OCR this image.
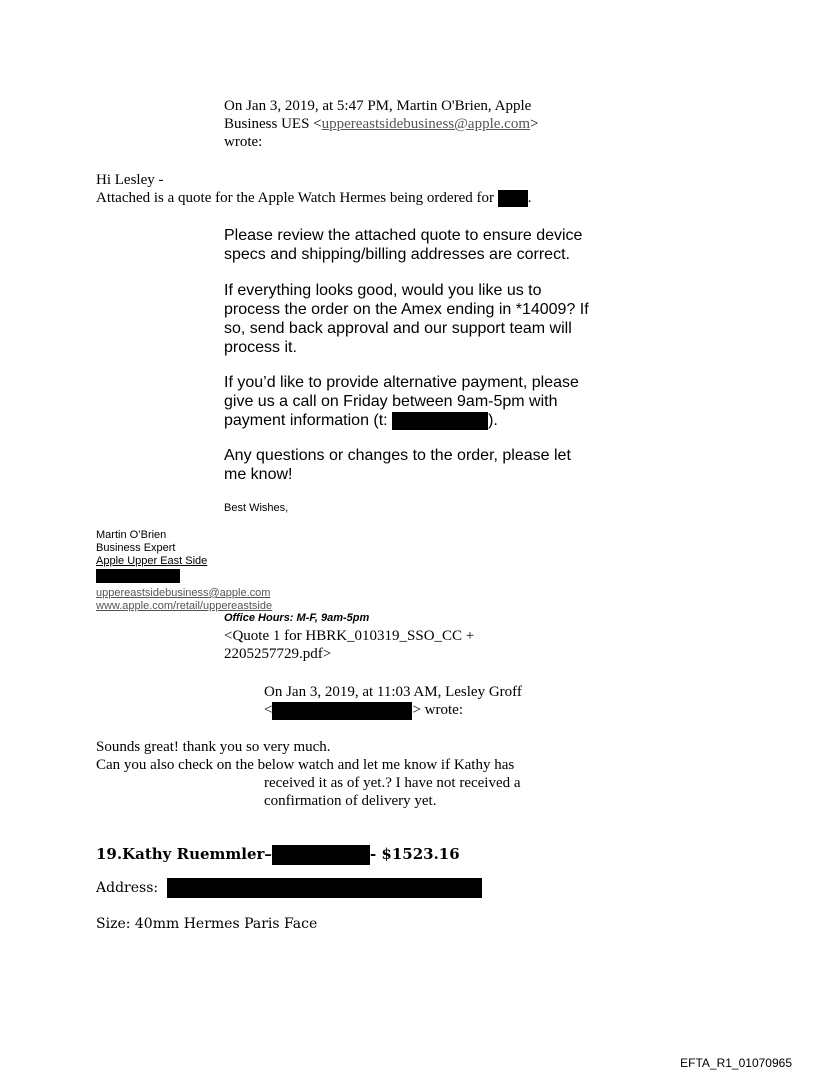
On Jan 3, 2019, at 5:47 PM, Martin O'Brien, Apple

Business UES <uppereastsidebusiness@apple.com>

wrote:

Hi Lesley -

Attached is a quote for the Apple Watch Hermes being ordered for .

Please review the attached quote to ensure device

specs and shipping/billing addresses are correct.

If everything looks good, would you like us to

process the order on the Amex ending in *14009? If

so, send back approval and our support team will

process it.

If you’d like to provide alternative payment, please

give us a call on Friday between 9am-5pm with

payment information (t:	).

Any questions or changes to the order, please let

me know!

Best Wishes,

Martin O’Brien

Business Expert

Apple Upper East Side

uppereastsidebusiness@apple.com

www.apple.com/retail/uppereastside

Office Hours: M-F, 9am-5pm

<Quote 1 for HBRK_010319_SSO_CC +

2205257729.pdf>

On Jan 3, 2019, at 11:03 AM, Lesley Groff

<	> wrote:

Sounds great! thank you so very much.

Can you also check on the below watch and let me know if Kathy has

received it as of yet.? I have not received a

confirmation of delivery yet.

19.Kathy Ruemmler–	- $1523.16
Address:
Size: 40mm Hermes Paris Face
EFTA_R1_01070965
